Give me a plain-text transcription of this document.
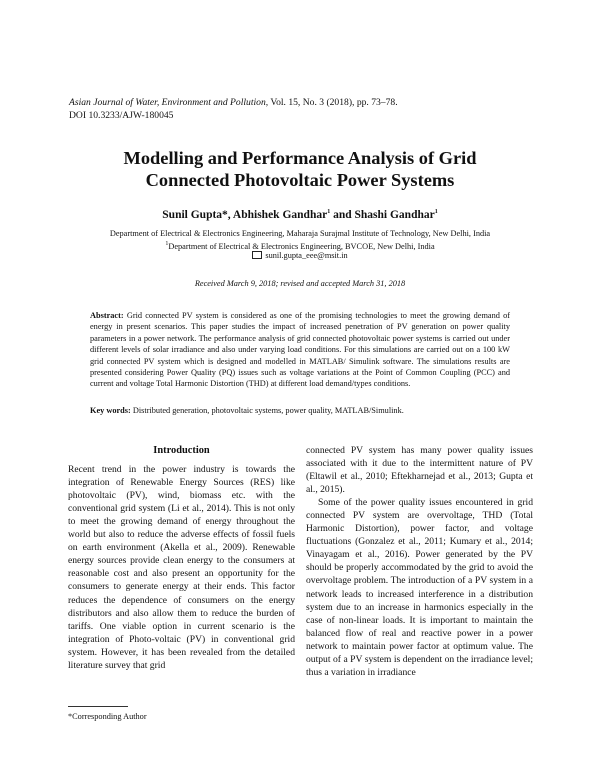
Asian Journal of Water, Environment and Pollution, Vol. 15, No. 3 (2018), pp. 73–78.
DOI 10.3233/AJW-180045
Modelling and Performance Analysis of Grid
Connected Photovoltaic Power Systems
Sunil Gupta*, Abhishek Gandhar$^1$ and Shashi Gandhar$^1$
Department of Electrical & Electronics Engineering, Maharaja Surajmal Institute of Technology, New Delhi, India
$^1$Department of Electrical & Electronics Engineering, BVCOE, New Delhi, India
sunil.gupta_eee@msit.in
Received March 9, 2018; revised and accepted March 31, 2018
Abstract: Grid connected PV system is considered as one of the promising technologies to meet the growing demand of energy in present scenarios. This paper studies the impact of increased penetration of PV generation on power quality parameters in a power network. The performance analysis of grid connected photovoltaic power systems is carried out under different levels of solar irradiance and also under varying load conditions. For this simulations are carried out on a 100 kW grid connected PV system which is designed and modelled in MATLAB/ Simulink software. The simulations results are presented considering Power Quality (PQ) issues such as voltage variations at the Point of Common Coupling (PCC) and current and voltage Total Harmonic Distortion (THD) at different load demand/types conditions.
Key words: Distributed generation, photovoltaic systems, power quality, MATLAB/Simulink.
Introduction

Recent trend in the power industry is towards the integration of Renewable Energy Sources (RES) like photovoltaic (PV), wind, biomass etc. with the conventional grid system (Li et al., 2014). This is not only to meet the growing demand of energy throughout the world but also to reduce the adverse effects of fossil fuels on earth environment (Akella et al., 2009). Renewable energy sources provide clean energy to the consumers at reasonable cost and also present an opportunity for the consumers to generate energy at their ends. This factor reduces the dependence of consumers on the energy distributors and also allow them to reduce the burden of tariffs. One viable option in current scenario is the integration of Photo-voltaic (PV) in conventional grid system. However, it has been revealed from the detailed literature survey that grid

connected PV system has many power quality issues associated with it due to the intermittent nature of PV (Eltawil et al., 2010; Eftekharnejad et al., 2013; Gupta et al., 2015).

Some of the power quality issues encountered in grid connected PV system are overvoltage, THD (Total Harmonic Distortion), power factor, and voltage fluctuations (Gonzalez et al., 2011; Kumary et al., 2014; Vinayagam et al., 2016). Power generated by the PV should be properly accommodated by the grid to avoid the overvoltage problem. The introduction of a PV system in a network leads to increased interference in a distribution system due to an increase in harmonics especially in the case of non-linear loads. It is important to maintain the balanced flow of real and reactive power in a power network to maintain power factor at optimum value. The output of a PV system is dependent on the irradiance level; thus a variation in irradiance

*Corresponding Author
